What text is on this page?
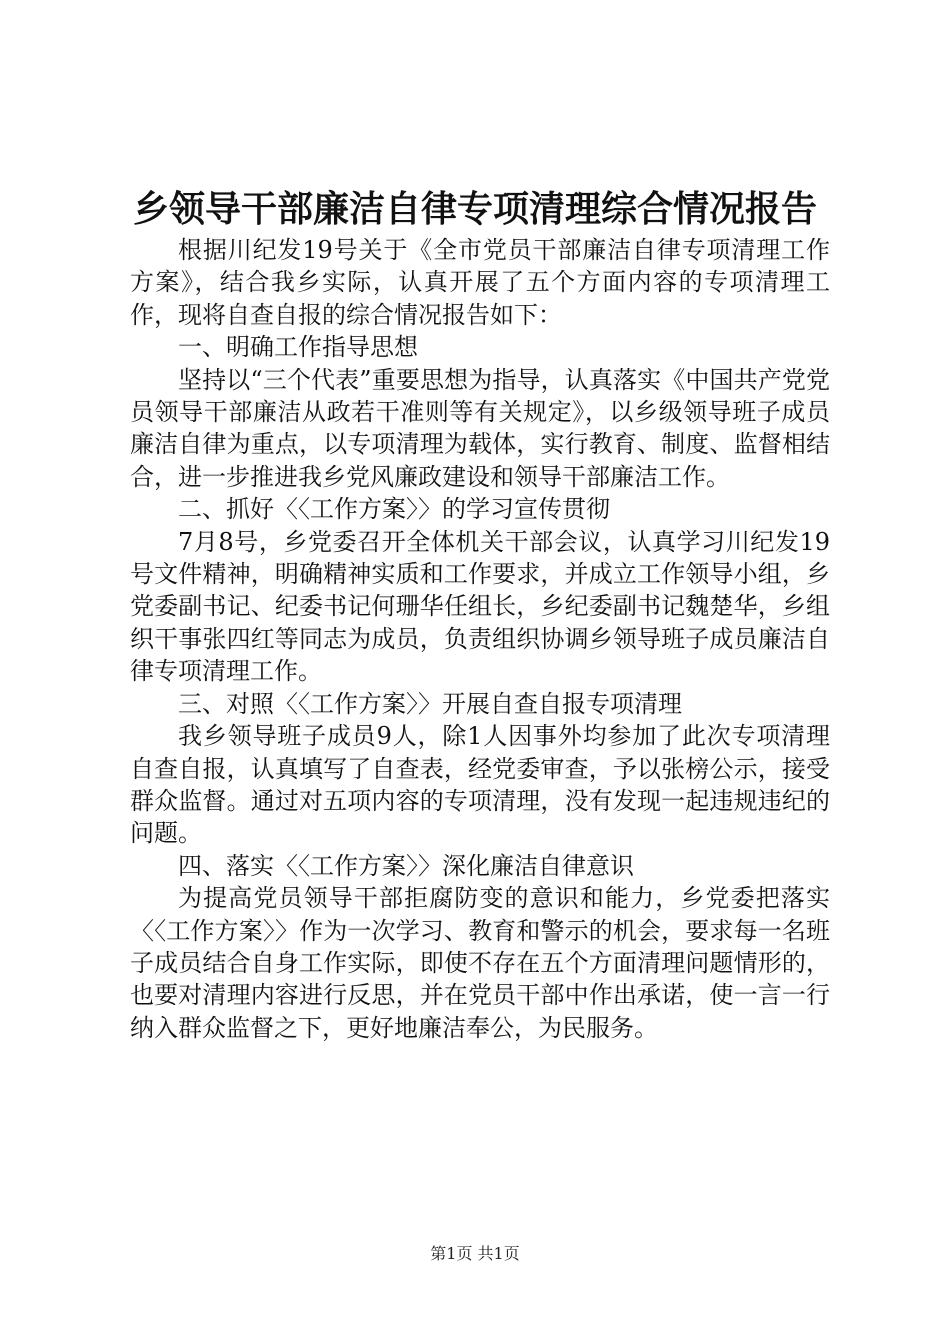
乡领导干部廉洁自律专项清理综合情况报告

根据川纪发19号关于《全市党员干部廉洁自律专项清理工作方案》，结合我乡实际，认真开展了五个方面内容的专项清理工作，现将自查自报的综合情况报告如下：

一、明确工作指导思想

坚持以“三个代表”重要思想为指导，认真落实《中国共产党党员领导干部廉洁从政若干准则等有关规定》，以乡级领导班子成员廉洁自律为重点，以专项清理为载体，实行教育、制度、监督相结合，进一步推进我乡党风廉政建设和领导干部廉洁工作。

二、抓好〈〈工作方案〉〉的学习宣传贯彻

7月8号，乡党委召开全体机关干部会议，认真学习川纪发19号文件精神，明确精神实质和工作要求，并成立工作领导小组，乡党委副书记、纪委书记何珊华任组长，乡纪委副书记魏楚华，乡组织干事张四红等同志为成员，负责组织协调乡领导班子成员廉洁自律专项清理工作。

三、对照〈〈工作方案〉〉开展自查自报专项清理

我乡领导班子成员9人，除1人因事外均参加了此次专项清理自查自报，认真填写了自查表，经党委审查，予以张榜公示，接受群众监督。通过对五项内容的专项清理，没有发现一起违规违纪的问题。

四、落实〈〈工作方案〉〉深化廉洁自律意识

为提高党员领导干部拒腐防变的意识和能力，乡党委把落实〈〈工作方案〉〉作为一次学习、教育和警示的机会，要求每一名班子成员结合自身工作实际，即使不存在五个方面清理问题情形的，也要对清理内容进行反思，并在党员干部中作出承诺，使一言一行纳入群众监督之下，更好地廉洁奉公，为民服务。

第1页 共1页
